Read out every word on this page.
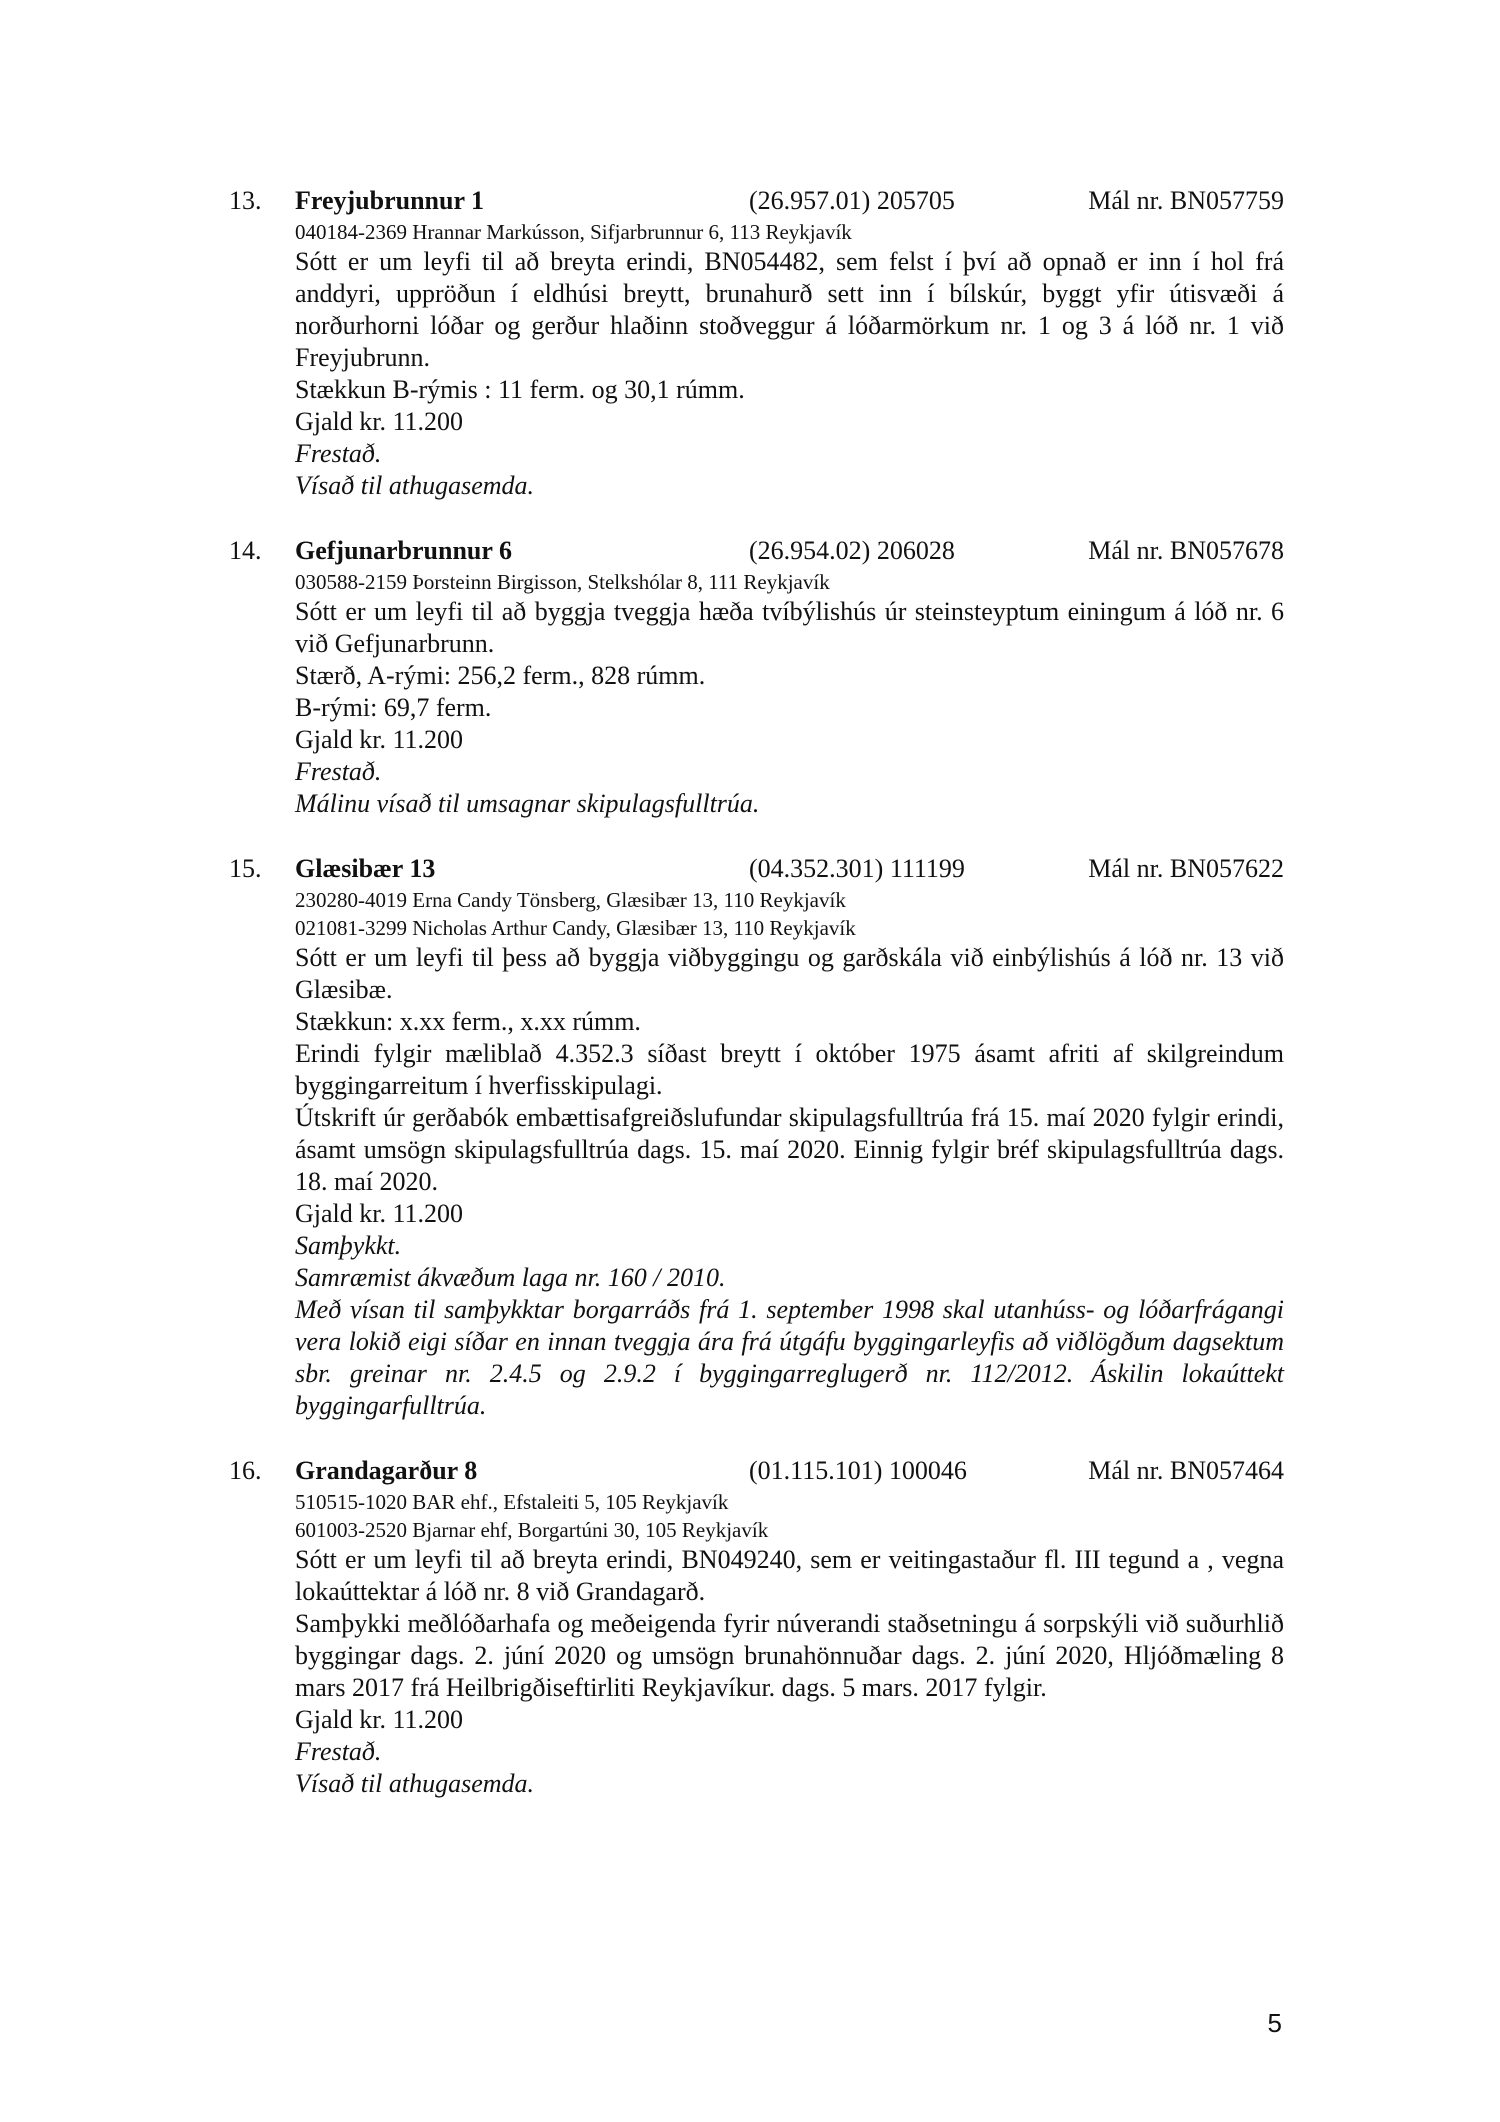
13. Freyjubrunnur 1	(26.957.01) 205705	Mál nr. BN057759
040184-2369 Hrannar Markússon, Sifjarbrunnur 6, 113 Reykjavík
Sótt er um leyfi til að breyta erindi, BN054482, sem felst í því að opnað er inn í hol frá anddyri, uppröðun í eldhúsi breytt, brunahurð sett inn í bílskúr, byggt yfir útisvæði á norðurhorni lóðar og gerður hlaðinn stoðveggur á lóðarmörkum nr. 1 og 3 á lóð nr. 1 við Freyjubrunn.
Stækkun B-rýmis : 11 ferm. og 30,1 rúmm.
Gjald kr. 11.200
Frestað.
Vísað til athugasemda.
14. Gefjunarbrunnur 6	(26.954.02) 206028	Mál nr. BN057678
030588-2159 Þorsteinn Birgisson, Stelkshólar 8, 111 Reykjavík
Sótt er um leyfi til að byggja tveggja hæða tvíbýlishús úr steinsteyptum einingum á lóð nr. 6 við Gefjunarbrunn.
Stærð, A-rými: 256,2 ferm., 828 rúmm.
B-rými: 69,7 ferm.
Gjald kr. 11.200
Frestað.
Málinu vísað til umsagnar skipulagsfulltrúa.
15. Glæsibær 13	(04.352.301) 111199	Mál nr. BN057622
230280-4019 Erna Candy Tönsberg, Glæsibær 13, 110 Reykjavík
021081-3299 Nicholas Arthur Candy, Glæsibær 13, 110 Reykjavík
Sótt er um leyfi til þess að byggja viðbyggingu og garðskála við einbýlishús á lóð nr. 13 við Glæsibæ.
Stækkun: x.xx ferm., x.xx rúmm.
Erindi fylgir mæliblað 4.352.3 síðast breytt í október 1975 ásamt afriti af skilgreindum byggingarreitum í hverfisskipulagi.
Útskrift úr gerðabók embættisafgreiðslufundar skipulagsfulltrúa frá 15. maí 2020 fylgir erindi, ásamt umsögn skipulagsfulltrúa dags. 15. maí 2020. Einnig fylgir bréf skipulagsfulltrúa dags. 18. maí 2020.
Gjald kr. 11.200
Samþykkt.
Samræmist ákvæðum laga nr. 160 / 2010.
Með vísan til samþykktar borgarráðs frá 1. september 1998 skal utanhúss- og lóðarfrágangi vera lokið eigi síðar en innan tveggja ára frá útgáfu byggingarleyfis að viðlögðum dagsektum sbr. greinar nr. 2.4.5 og 2.9.2 í byggingarreglugerð nr. 112/2012. Áskilin lokaúttekt byggingarfulltrúa.
16. Grandagarður 8	(01.115.101) 100046	Mál nr. BN057464
510515-1020 BAR ehf., Efstaleiti 5, 105 Reykjavík
601003-2520 Bjarnar ehf, Borgartúni 30, 105 Reykjavík
Sótt er um leyfi til að breyta erindi, BN049240, sem er veitingastaður fl. III tegund a , vegna lokaúttektar á lóð nr. 8 við Grandagarð.
Samþykki meðlóðarhafa og meðeigenda fyrir núverandi staðsetningu á sorpskýli við suðurhlið byggingar dags. 2. júní 2020 og umsögn brunahönnuðar dags. 2. júní 2020, Hljóðmæling 8 mars 2017 frá Heilbrigðiseftirliti Reykjavíkur. dags. 5 mars. 2017 fylgir.
Gjald kr. 11.200
Frestað.
Vísað til athugasemda.
5
